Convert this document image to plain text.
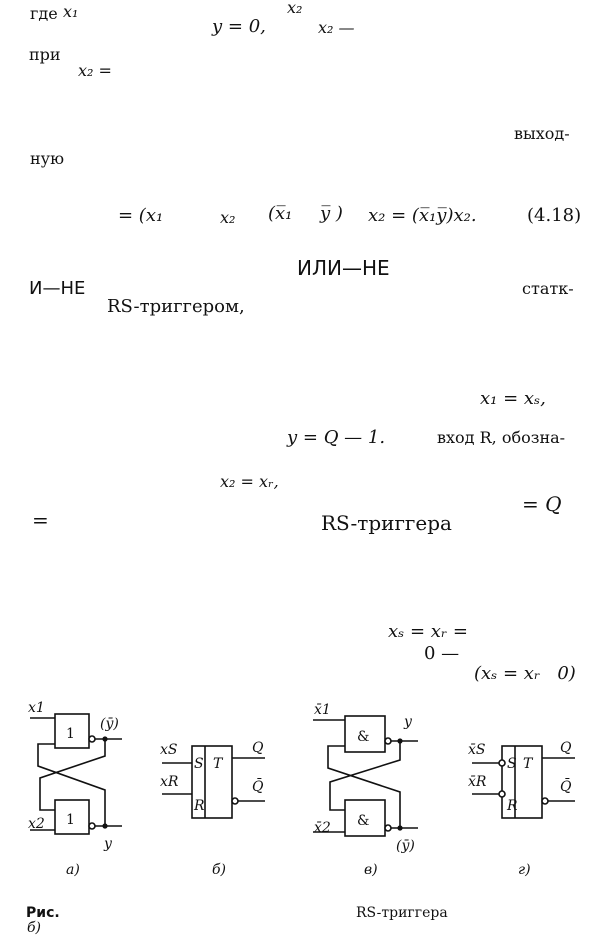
где x₁	x₂
y = 0,	x₂ —
при
x₂ =
выход-
ную
= (x₁	x₂ (x̅₁ y̅ ) x₂ = (x̅₁y̅)x₂.	(4.18)
ИЛИ—НЕ
И—НЕ	статк-
RS-триггером,
x₁ = xₛ,
y = Q — 1.	вход R, обозна-
x₂ = xᵣ,
= Q
=	RS-триггера
xₛ = xᵣ =
0 —
(xₛ = xᵣ   0)
x1
1
(ȳ)
1
x2
y
а)
xS
xR
S
R
T
Q
Q̄
б)
x̄1
&
y
&
x̄2
(ȳ)
в)
x̄S
x̄R
S
R
T
Q
Q̄
г)
Рис.
б)
RS-триггера
